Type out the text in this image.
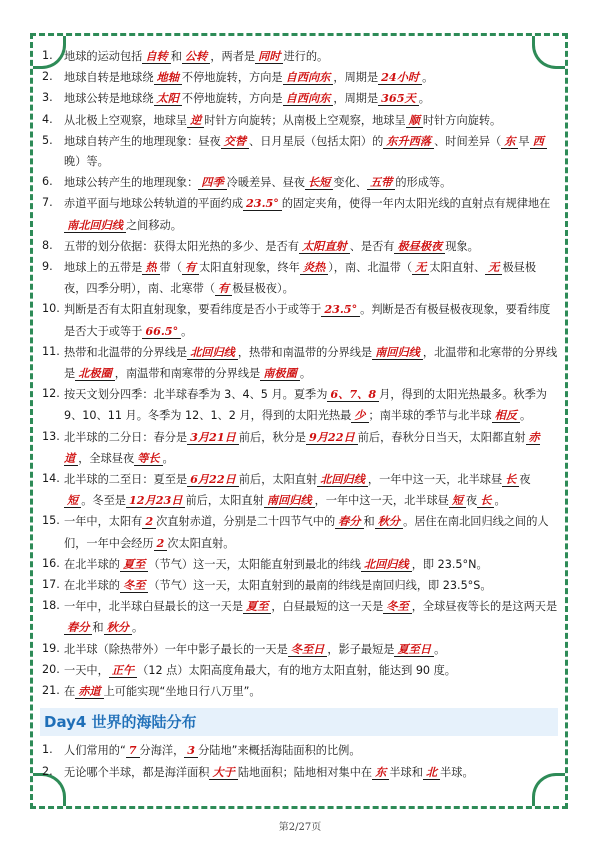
1.	地球的运动包括 自转 和 公转 ，两者是 同时 进行的。
2.	地球自转是地球绕 地轴 不停地旋转，方向是 自西向东 ，周期是 24小时 。
3.	地球公转是地球绕 太阳 不停地旋转，方向是 自西向东 ，周期是 365天 。
4.	从北极上空观察，地球呈 逆 时针方向旋转；从南极上空观察，地球呈 顺 时针方向旋转。
5.	地球自转产生的地理现象：昼夜 交替 、日月星辰（包括太阳）的 东升西落 、时间差异（ 东 早 西晚）等。
6.	地球公转产生的地理现象： 四季 冷暖差异、昼夜 长短 变化、 五带 的形成等。
7.	赤道平面与地球公转轨道的平面约成 23.5° 的固定夹角，使得一年内太阳光线的直射点有规律地在南北回归线 之间移动。
8.	五带的划分依据：获得太阳光热的多少、是否有 太阳直射 、是否有 极昼极夜 现象。
9.	地球上的五带是 热 带（ 有 太阳直射现象，终年 炎热 ），南、北温带（ 无 太阳直射、 无 极昼极夜，四季分明），南、北寒带（ 有 极昼极夜）。
10. 判断是否有太阳直射现象，要看纬度是否小于或等于 23.5° 。判断是否有极昼极夜现象，要看纬度是否大于或等于 66.5° 。
11. 热带和北温带的分界线是 北回归线 ，热带和南温带的分界线是 南回归线 ，北温带和北寒带的分界线是 北极圈 ，南温带和南寒带的分界线是 南极圈 。
12. 按天文划分四季：北半球春季为 3、4、5 月。夏季为 6、7、8 月，得到的太阳光热最多。秋季为 9、10、11 月。冬季为 12、1、2 月，得到的太阳光热最 少 ；南半球的季节与北半球 相反 。
13. 北半球的二分日：春分是 3月21日 前后，秋分是 9月22日 前后，春秋分日当天，太阳都直射 赤道 ，全球昼夜 等长 。
14. 北半球的二至日：夏至是 6月22日 前后，太阳直射 北回归线 ，一年中这一天，北半球昼 长 夜短 。冬至是 12月23日 前后，太阳直射 南回归线 ，一年中这一天，北半球昼 短 夜 长 。
15. 一年中，太阳有 2 次直射赤道，分别是二十四节气中的 春分 和 秋分 。居住在南北回归线之间的人们，一年中会经历 2 次太阳直射。
16. 在北半球的 夏至 （节气）这一天，太阳能直射到最北的纬线 北回归线 ，即 23.5°N。
17. 在北半球的 冬至 （节气）这一天，太阳直射到的最南的纬线是南回归线，即 23.5°S。
18. 一年中，北半球白昼最长的这一天是 夏至 ，白昼最短的这一天是 冬至 ，全球昼夜等长的是这两天是春分 和 秋分 。
19. 北半球（除热带外）一年中影子最长的一天是 冬至日 ，影子最短是 夏至日 。
20. 一天中， 正午 （12 点）太阳高度角最大，有的地方太阳直射，能达到 90 度。
21. 在 赤道 上可能实现“坐地日行八万里”。
Day4 世界的海陆分布
1.	人们常用的“ 7 分海洋， 3 分陆地”来概括海陆面积的比例。
2.	无论哪个半球，都是海洋面积 大于 陆地面积；陆地相对集中在 东 半球和 北 半球。
第2/27页
